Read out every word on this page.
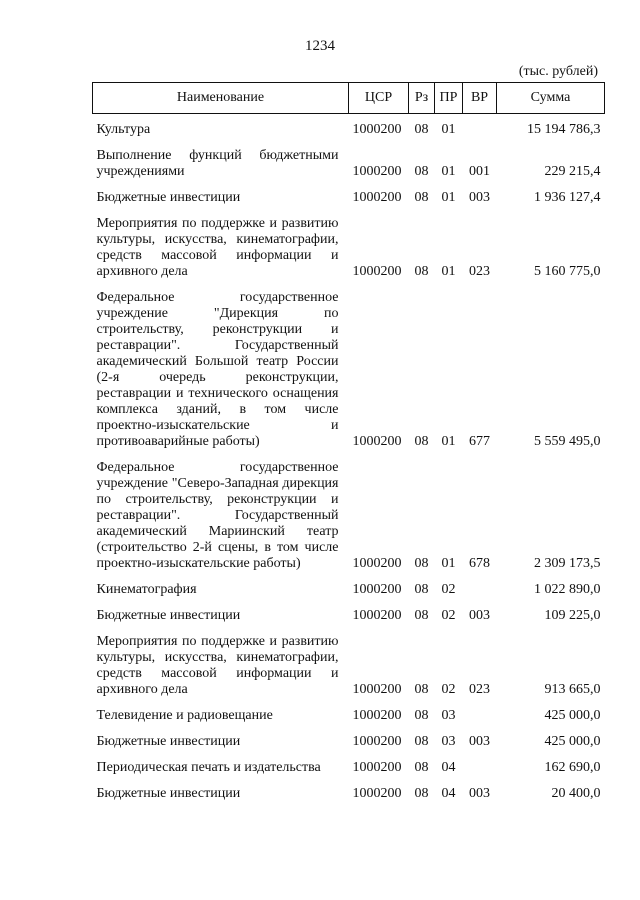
1234
(тыс. рублей)
Наименование	ЦСР	Рз	ПР	ВР	Сумма

Культура	1000200	08	01		15 194 786,3

Выполнение функций бюджетными учреждениями	1000200	08	01	001	229 215,4

Бюджетные инвестиции	1000200	08	01	003	1 936 127,4

Мероприятия по поддержке и развитию культуры, искусства, кинематографии, средств массовой информации и архивного дела	1000200	08	01	023	5 160 775,0

Федеральное государственное учреждение "Дирекция по строительству, реконструкции и реставрации". Государственный академический Большой театр России (2-я очередь реконструкции, реставрации и технического оснащения комплекса зданий, в том числе проектно-изыскательские и противоаварийные работы)	1000200	08	01	677	5 559 495,0

Федеральное государственное учреждение "Северо-Западная дирекция по строительству, реконструкции и реставрации". Государственный академический Мариинский театр (строительство 2-й сцены, в том числе проектно-изыскательские работы)	1000200	08	01	678	2 309 173,5

Кинематография	1000200	08	02		1 022 890,0

Бюджетные инвестиции	1000200	08	02	003	109 225,0

Мероприятия по поддержке и развитию культуры, искусства, кинематографии, средств массовой информации и архивного дела	1000200	08	02	023	913 665,0

Телевидение и радиовещание	1000200	08	03		425 000,0

Бюджетные инвестиции	1000200	08	03	003	425 000,0

Периодическая печать и издательства	1000200	08	04		162 690,0

Бюджетные инвестиции	1000200	08	04	003	20 400,0
